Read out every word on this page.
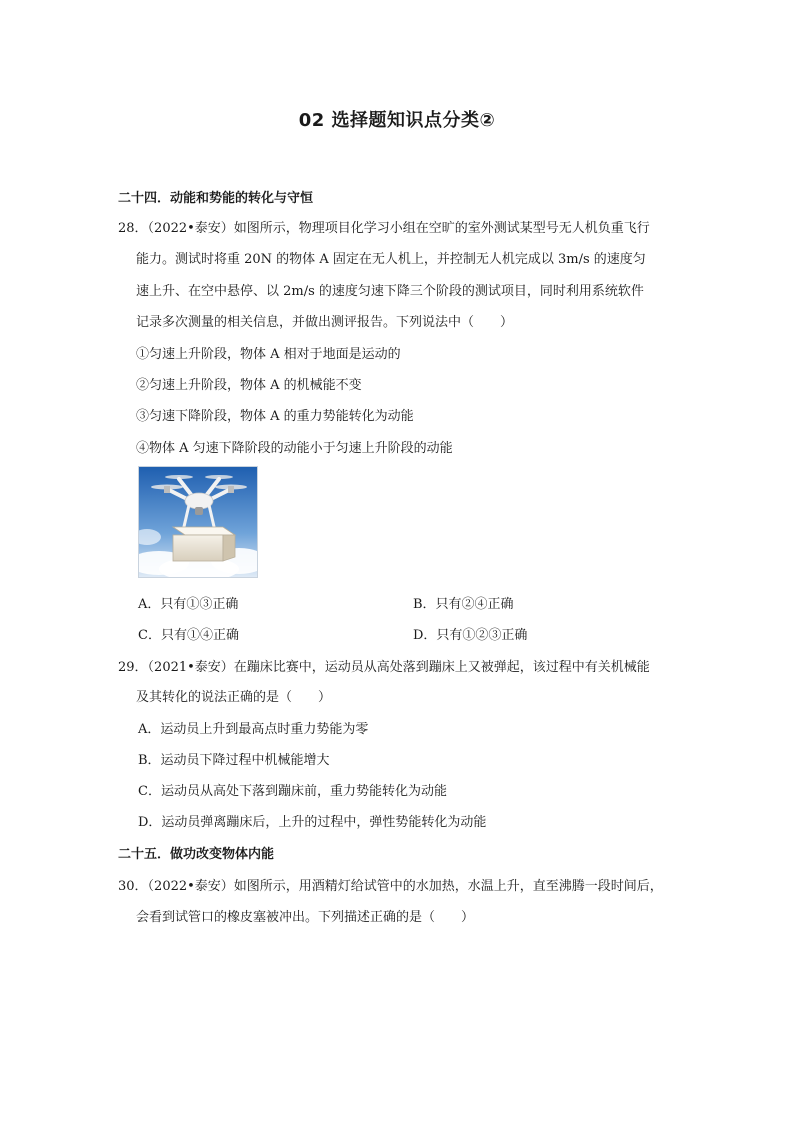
02 选择题知识点分类②
二十四．动能和势能的转化与守恒
28．（2022•泰安）如图所示，物理项目化学习小组在空旷的室外测试某型号无人机负重飞行
能力。测试时将重 20N 的物体 A 固定在无人机上，并控制无人机完成以 3m/s 的速度匀
速上升、在空中悬停、以 2m/s 的速度匀速下降三个阶段的测试项目，同时利用系统软件
记录多次测量的相关信息，并做出测评报告。下列说法中（　　）
①匀速上升阶段，物体 A 相对于地面是运动的
②匀速上升阶段，物体 A 的机械能不变
③匀速下降阶段，物体 A 的重力势能转化为动能
④物体 A 匀速下降阶段的动能小于匀速上升阶段的动能
A．只有①③正确	B．只有②④正确
C．只有①④正确	D．只有①②③正确
29．（2021•泰安）在蹦床比赛中，运动员从高处落到蹦床上又被弹起，该过程中有关机械能
及其转化的说法正确的是（　　）
A．运动员上升到最高点时重力势能为零
B．运动员下降过程中机械能增大
C．运动员从高处下落到蹦床前，重力势能转化为动能
D．运动员弹离蹦床后，上升的过程中，弹性势能转化为动能
二十五．做功改变物体内能
30．（2022•泰安）如图所示，用酒精灯给试管中的水加热，水温上升，直至沸腾一段时间后，
会看到试管口的橡皮塞被冲出。下列描述正确的是（　　）
